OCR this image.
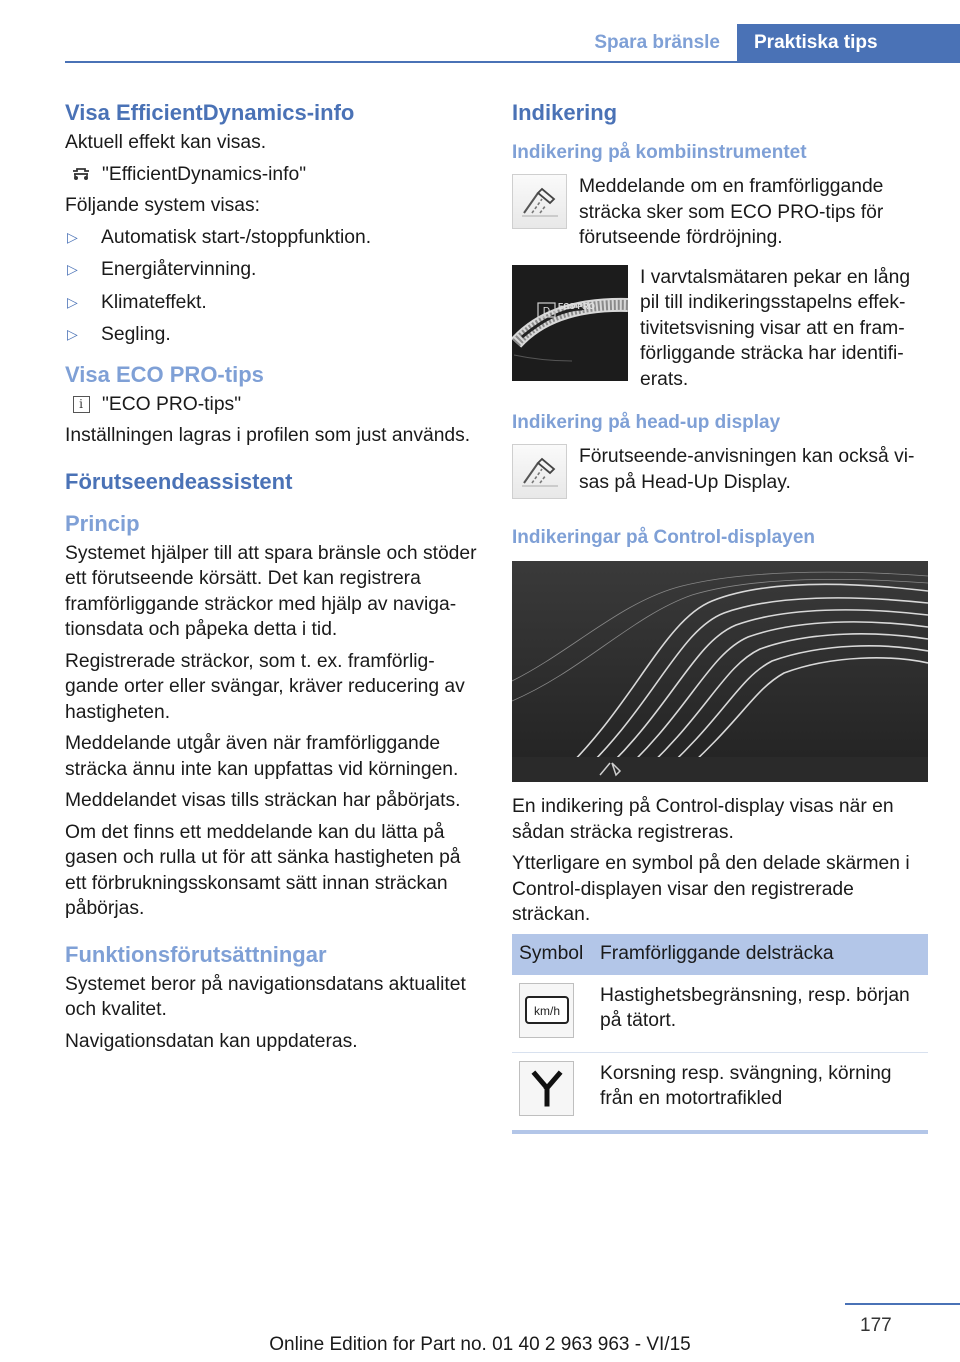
Spara bränsle	Praktiska tips
Visa EfficientDynamics-info

Aktuell effekt kan visas.

"EfficientDynamics-info"

Följande system visas:

▷	Automatisk start-/stoppfunktion.
▷	Energiåtervinning.
▷	Klimateffekt.
▷	Segling.
Visa ECO PRO-tips
i "ECO PRO-tips"

Inställningen lagras i profilen som just används.

Förutseendeassistent
Princip

Systemet hjälper till att spara bränsle och stöder ett förutseende körsätt. Det kan registrera framförliggande sträckor med hjälp av navigationsdata och påpeka detta i tid.

Registrerade sträckor, som t. ex. framförliggande orter eller svängar, kräver reducering av hastigheten.

Meddelande utgår även när framförliggande sträcka ännu inte kan uppfattas vid körningen.

Meddelandet visas tills sträckan har påbörjats.

Om det finns ett meddelande kan du lätta på gasen och rulla ut för att sänka hastigheten på ett förbrukningsskonsamt sätt innan sträckan påbörjas.

Funktionsförutsättningar

Systemet beror på navigationsdatans aktualitet och kvalitet.

Navigationsdatan kan uppdateras.

Indikering
Indikering på kombiinstrumentet

Meddelande om en framförliggande sträcka sker som ECO PRO-tips för förutseende fördröjning.

D ECO PRO

I varvtalsmätaren pekar en lång pil till indikeringsstapelns effektivitetsvisning visar att en framförliggande sträcka har identifierats.

Indikering på head-up display

Förutseende-anvisningen kan också visas på Head-Up Display.

Indikeringar på Control-displayen

En indikering på Control-display visas när en sådan sträcka registreras.

Ytterligare en symbol på den delade skärmen i Control-displayen visar den registrerade sträckan.

Symbol	Framförliggande delsträcka

km/h	Hastighetsbegränsning, resp. början på tätort.

	Korsning resp. svängning, körning från en motortrafikled
177
Online Edition for Part no. 01 40 2 963 963 - VI/15
